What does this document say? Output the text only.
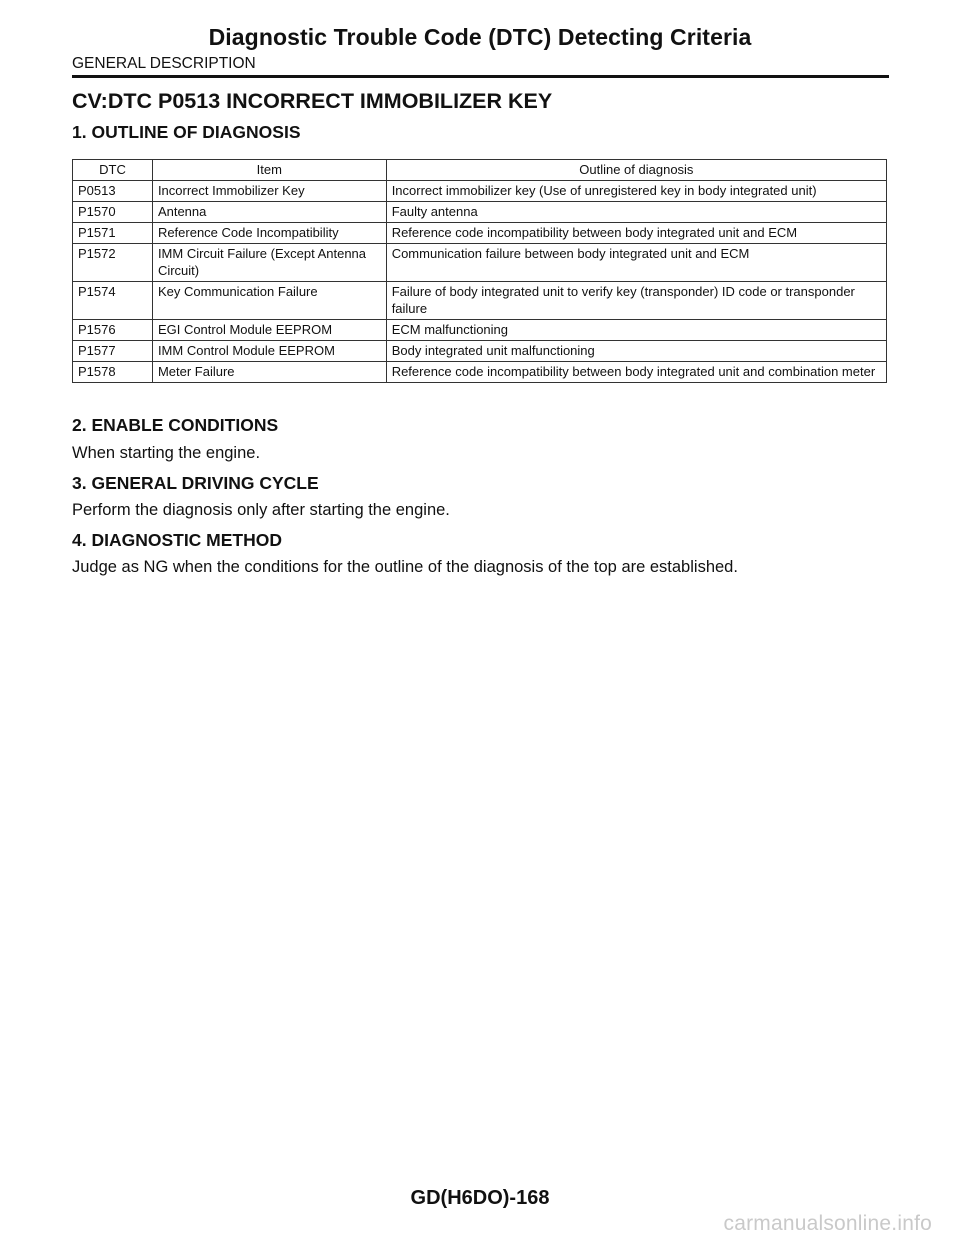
Diagnostic Trouble Code (DTC) Detecting Criteria
GENERAL DESCRIPTION
CV:DTC P0513 INCORRECT IMMOBILIZER KEY
1. OUTLINE OF DIAGNOSIS
DTC	Item	Outline of diagnosis
P0513	Incorrect Immobilizer Key	Incorrect immobilizer key (Use of unregistered key in body integrated unit)
P1570	Antenna	Faulty antenna
P1571	Reference Code Incompatibility	Reference code incompatibility between body integrated unit and ECM
P1572	IMM Circuit Failure (Except Antenna Circuit)	Communication failure between body integrated unit and ECM
P1574	Key Communication Failure	Failure of body integrated unit to verify key (transponder) ID code or transponder failure
P1576	EGI Control Module EEPROM	ECM malfunctioning
P1577	IMM Control Module EEPROM	Body integrated unit malfunctioning
P1578	Meter Failure	Reference code incompatibility between body integrated unit and combination meter
2. ENABLE CONDITIONS
When starting the engine.
3. GENERAL DRIVING CYCLE
Perform the diagnosis only after starting the engine.
4. DIAGNOSTIC METHOD
Judge as NG when the conditions for the outline of the diagnosis of the top are established.
GD(H6DO)-168
carmanualsonline.info
